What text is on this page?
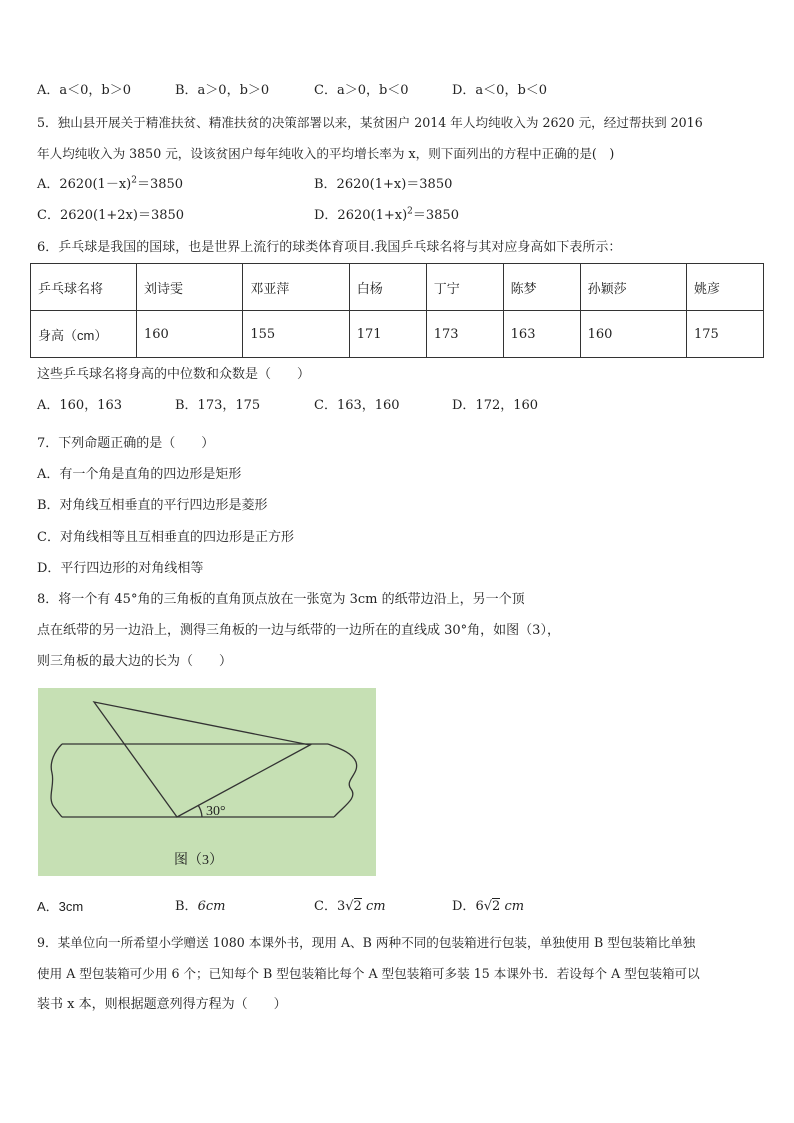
A．a＜0，b＞0	B．a＞0，b＞0	C．a＞0，b＜0	D．a＜0，b＜0
5．独山县开展关于精准扶贫、精准扶贫的决策部署以来，某贫困户 2014 年人均纯收入为 2620 元，经过帮扶到 2016
年人均纯收入为 3850 元，设该贫困户每年纯收入的平均增长率为 x，则下面列出的方程中正确的是(　)
A．$2620(1-x)^2=3850$	B．2620(1+x)＝3850
C．2620(1+2x)＝3850	D．$2620(1+x)^2=3850$
6．乒乓球是我国的国球，也是世界上流行的球类体育项目.我国乒乓球名将与其对应身高如下表所示：
乒乓球名将	刘诗雯	邓亚萍	白杨	丁宁	陈梦	孙颖莎	姚彦
身高（cm）	160	155	171	173	163	160	175
这些乒乓球名将身高的中位数和众数是（　　）
A．160，163	B．173，175	C．163，160	D．172，160
7．下列命题正确的是（　　）
A．有一个角是直角的四边形是矩形
B．对角线互相垂直的平行四边形是菱形
C．对角线相等且互相垂直的四边形是正方形
D．平行四边形的对角线相等
8．将一个有 45°角的三角板的直角顶点放在一张宽为 3cm 的纸带边沿上，另一个顶
点在纸带的另一边沿上，测得三角板的一边与纸带的一边所在的直线成 30°角，如图（3），
则三角板的最大边的长为（　　）
30°
图（3）
A．3cm	B．6cm	C．3√2 cm	D．6√2 cm
9．某单位向一所希望小学赠送 1080 本课外书，现用 A、B 两种不同的包装箱进行包装，单独使用 B 型包装箱比单独
使用 A 型包装箱可少用 6 个；已知每个 B 型包装箱比每个 A 型包装箱可多装 15 本课外书．若设每个 A 型包装箱可以
装书 x 本，则根据题意列得方程为（　　）
